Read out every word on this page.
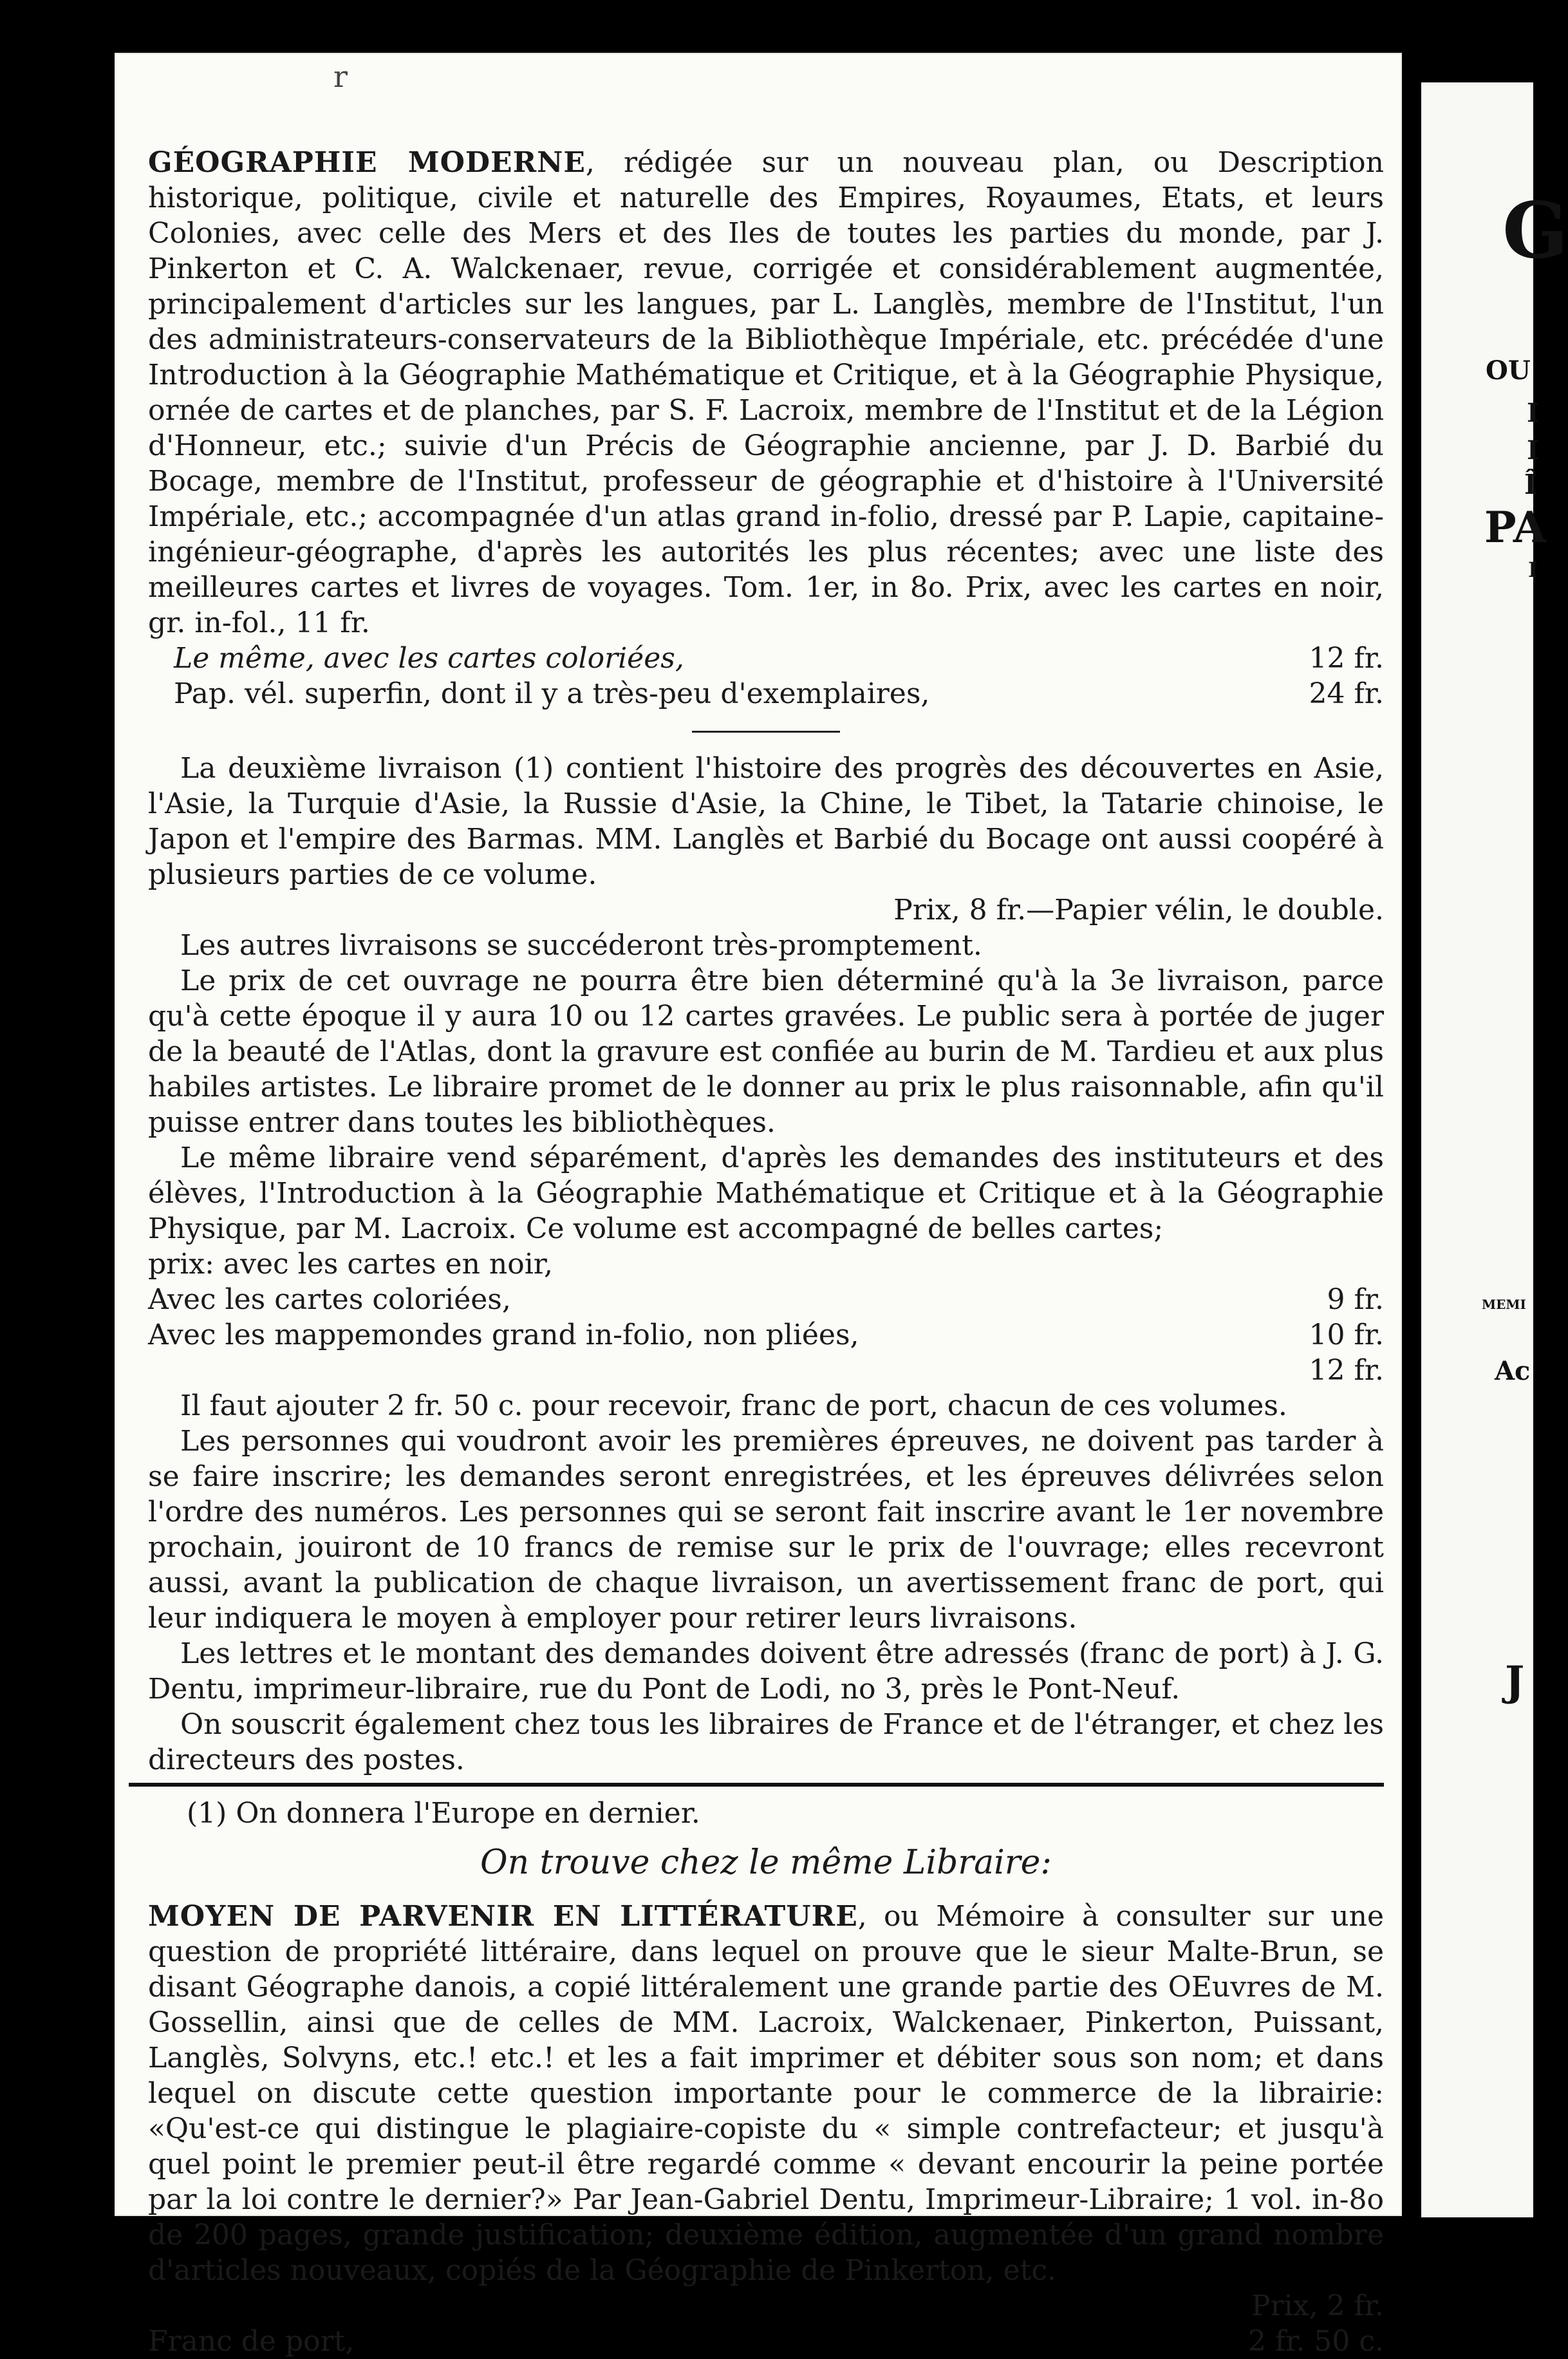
r
G
OU
I
I
Î
PA
I
MEMI
Ac
J

GÉOGRAPHIE MODERNE, rédigée sur un nouveau plan, ou Description historique, politique, civile et naturelle des Empires, Royaumes, Etats, et leurs Colonies, avec celle des Mers et des Iles de toutes les parties du monde, par J. Pinkerton et C. A. Walckenaer, revue, corrigée et considérablement augmentée, principalement d'articles sur les langues, par L. Langlès, membre de l'Institut, l'un des administrateurs-conservateurs de la Bibliothèque Impériale, etc. précédée d'une Introduction à la Géographie Mathématique et Critique, et à la Géographie Physique, ornée de cartes et de planches, par S. F. Lacroix, membre de l'Institut et de la Légion d'Honneur, etc.; suivie d'un Précis de Géographie ancienne, par J. D. Barbié du Bocage, membre de l'Institut, professeur de géographie et d'histoire à l'Université Impériale, etc.; accompagnée d'un atlas grand in-folio, dressé par P. Lapie, capitaine-ingénieur-géographe, d'après les autorités les plus récentes; avec une liste des meilleures cartes et livres de voyages. Tom. 1er, in 8o. Prix, avec les cartes en noir, gr. in-fol., 11 fr.

Le même, avec les cartes coloriées,	12 fr.
Pap. vél. superfin, dont il y a très-peu d'exemplaires,	24 fr.

La deuxième livraison (1) contient l'histoire des progrès des découvertes en Asie, l'Asie, la Turquie d'Asie, la Russie d'Asie, la Chine, le Tibet, la Tatarie chinoise, le Japon et l'empire des Barmas. MM. Langlès et Barbié du Bocage ont aussi coopéré à plusieurs parties de ce volume.

Prix, 8 fr.—Papier vélin, le double.

Les autres livraisons se succéderont très-promptement.

Le prix de cet ouvrage ne pourra être bien déterminé qu'à la 3e livraison, parce qu'à cette époque il y aura 10 ou 12 cartes gravées. Le public sera à portée de juger de la beauté de l'Atlas, dont la gravure est confiée au burin de M. Tardieu et aux plus habiles artistes. Le libraire promet de le donner au prix le plus raisonnable, afin qu'il puisse entrer dans toutes les bibliothèques.

Le même libraire vend séparément, d'après les demandes des instituteurs et des élèves, l'Introduction à la Géographie Mathématique et Critique et à la Géographie Physique, par M. Lacroix. Ce volume est accompagné de belles cartes;

prix: avec les cartes en noir,
Avec les cartes coloriées,	9 fr.
Avec les mappemondes grand in-folio, non pliées,	10 fr.
12 fr.

Il faut ajouter 2 fr. 50 c. pour recevoir, franc de port, chacun de ces volumes.

Les personnes qui voudront avoir les premières épreuves, ne doivent pas tarder à se faire inscrire; les demandes seront enregistrées, et les épreuves délivrées selon l'ordre des numéros. Les personnes qui se seront fait inscrire avant le 1er novembre prochain, jouiront de 10 francs de remise sur le prix de l'ouvrage; elles recevront aussi, avant la publication de chaque livraison, un avertissement franc de port, qui leur indiquera le moyen à employer pour retirer leurs livraisons.

Les lettres et le montant des demandes doivent être adressés (franc de port) à J. G. Dentu, imprimeur-libraire, rue du Pont de Lodi, no 3, près le Pont-Neuf.

On souscrit également chez tous les libraires de France et de l'étranger, et chez les directeurs des postes.

(1) On donnera l'Europe en dernier.

On trouve chez le même Libraire:

MOYEN DE PARVENIR EN LITTÉRATURE, ou Mémoire à consulter sur une question de propriété littéraire, dans lequel on prouve que le sieur Malte-Brun, se disant Géographe danois, a copié littéralement une grande partie des OEuvres de M. Gossellin, ainsi que de celles de MM. Lacroix, Walckenaer, Pinkerton, Puissant, Langlès, Solvyns, etc.! etc.! et les a fait imprimer et débiter sous son nom; et dans lequel on discute cette question importante pour le commerce de la librairie: «Qu'est-ce qui distingue le plagiaire-copiste du « simple contrefacteur; et jusqu'à quel point le premier peut-il être regardé comme « devant encourir la peine portée par la loi contre le dernier?» Par Jean-Gabriel Dentu, Imprimeur-Libraire; 1 vol. in-8o de 200 pages, grande justification; deuxième édition, augmentée d'un grand nombre d'articles nouveaux, copiés de la Géographie de Pinkerton, etc.

Prix, 2 fr.

Franc de port,	2 fr. 50 c.
